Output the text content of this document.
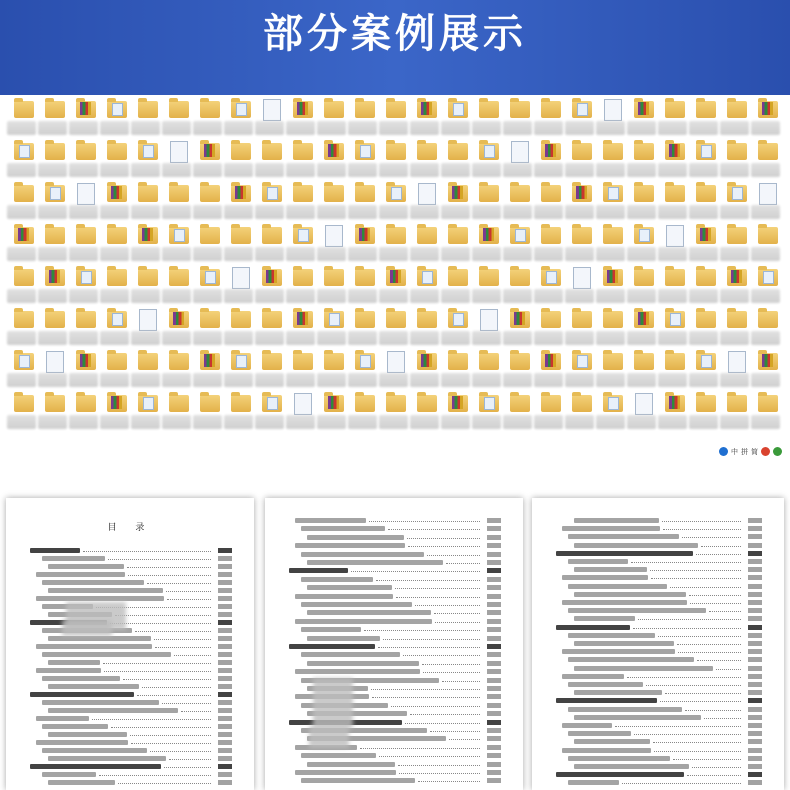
部分案例展示
中 拼 简
目 录
